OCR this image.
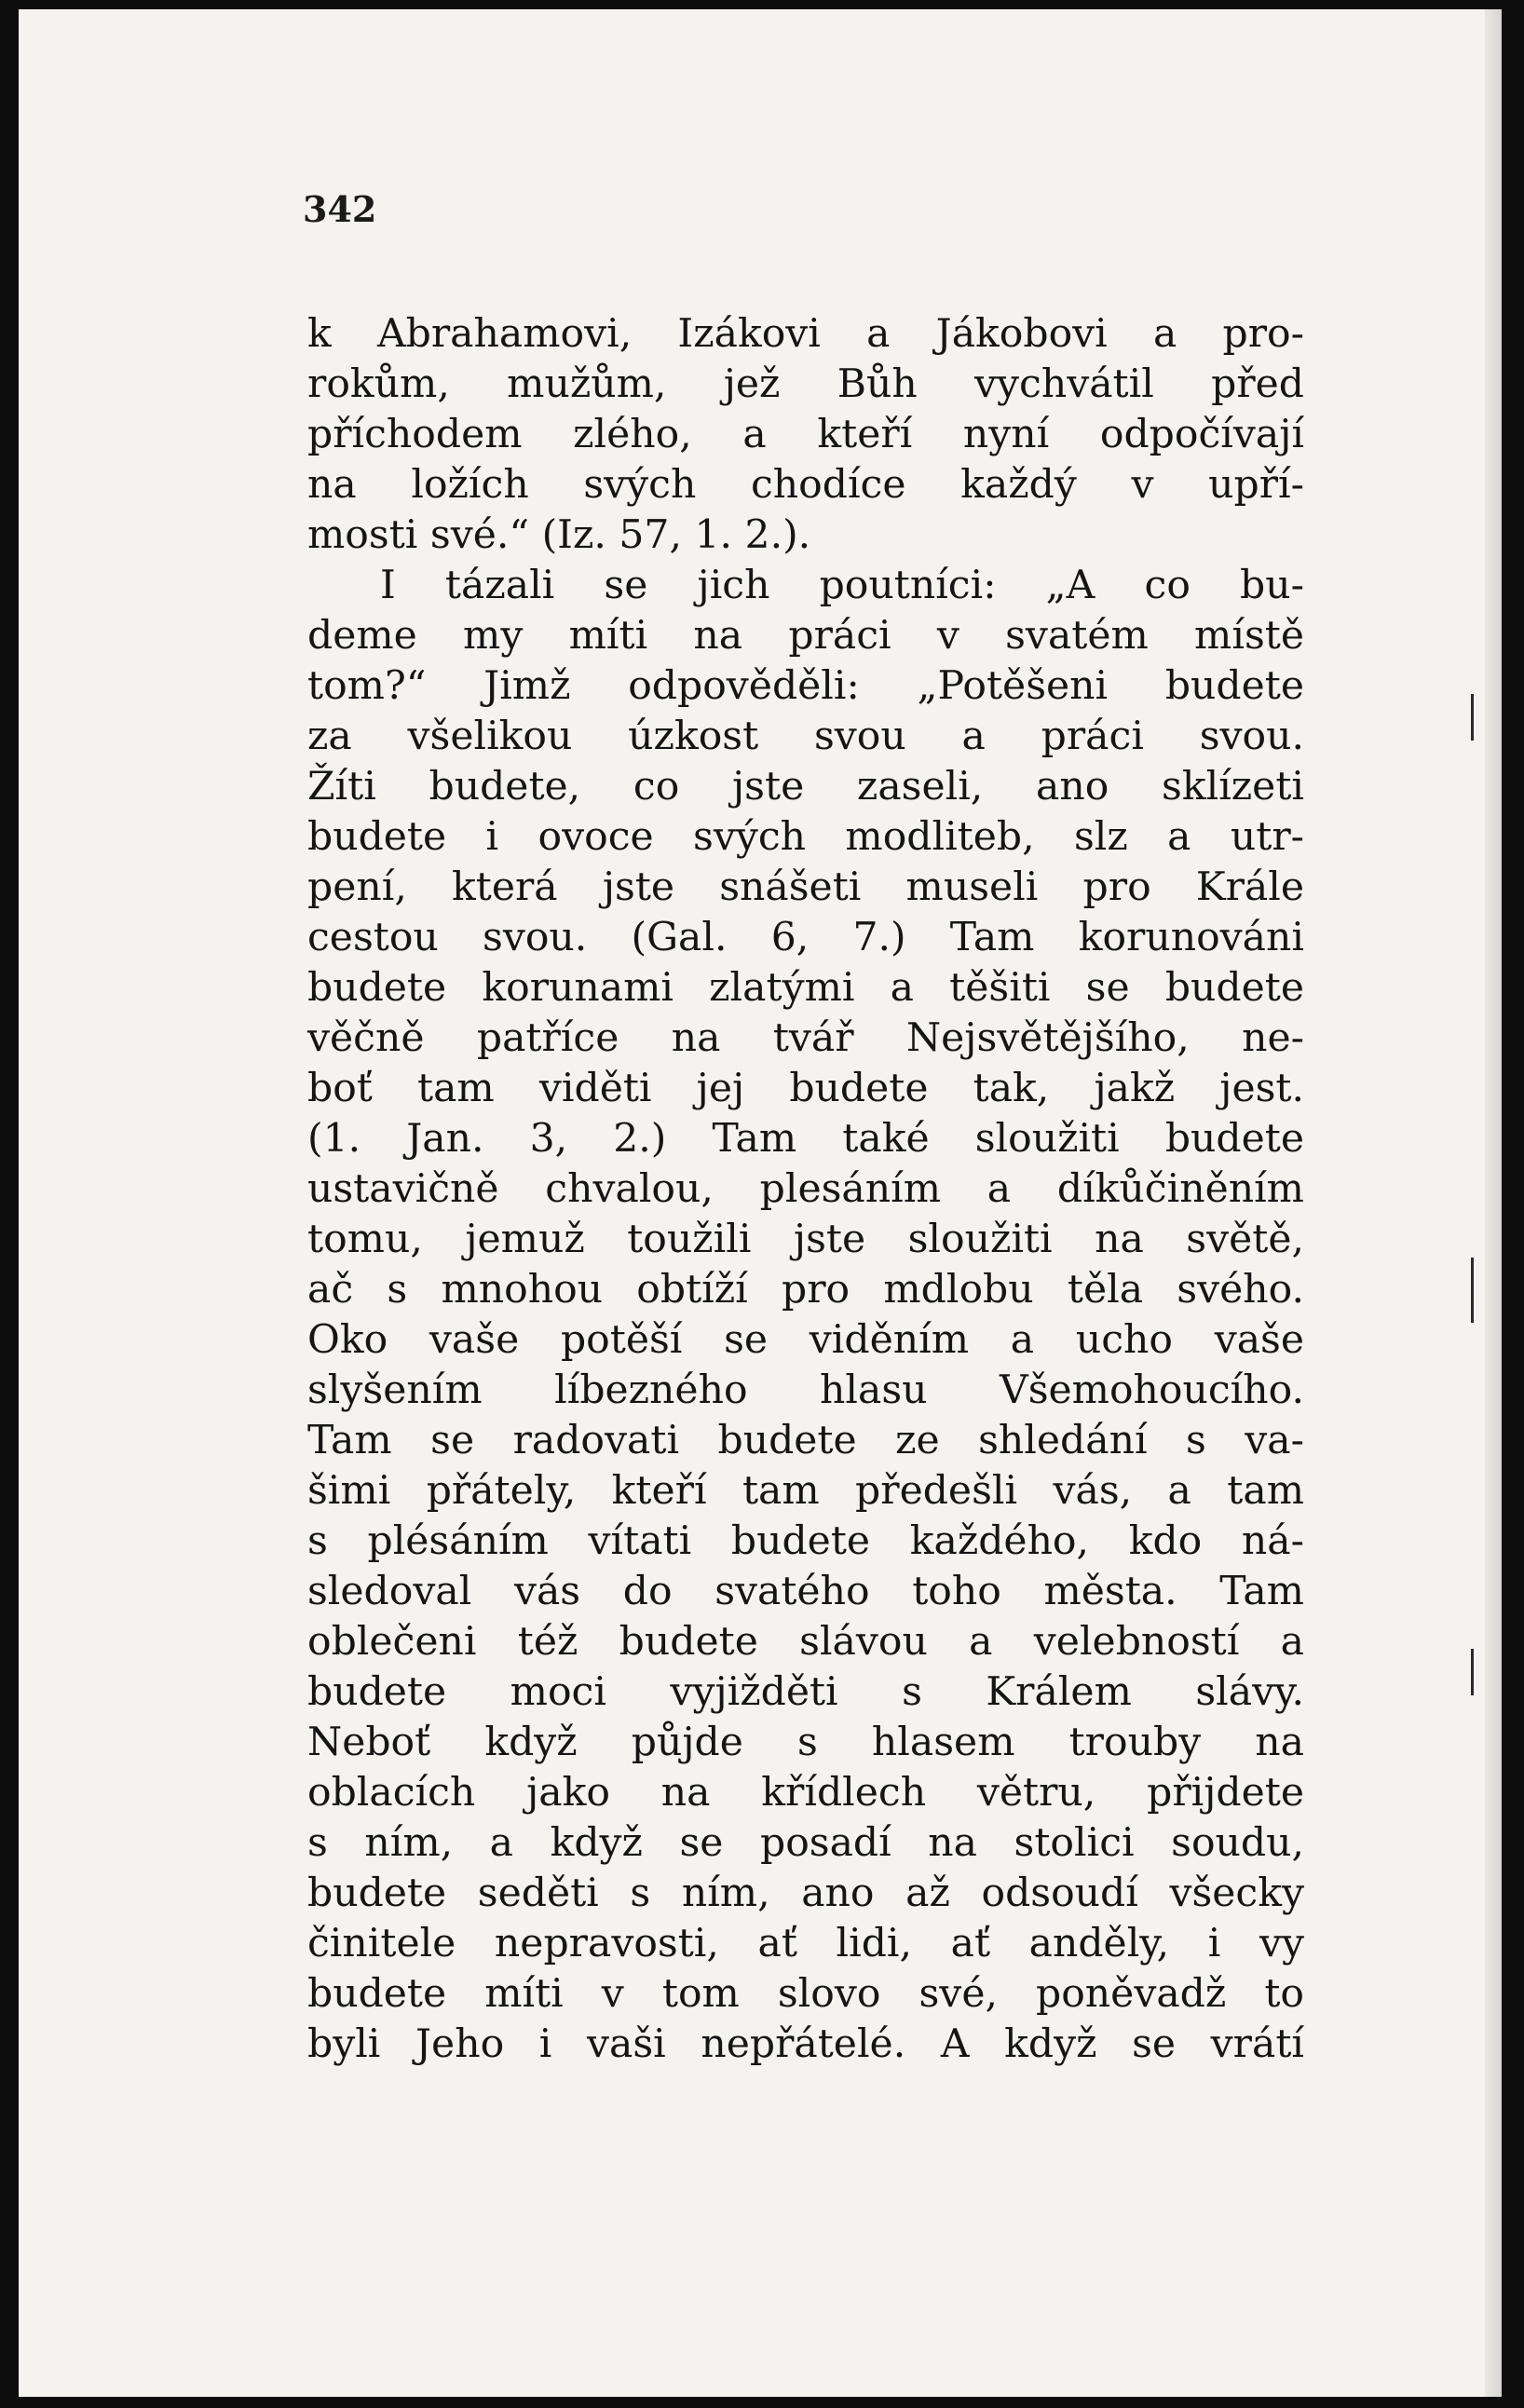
342
k Abrahamovi, Izákovi a Jákobovi a pro-
rokům, mužům, jež Bůh vychvátil před
příchodem zlého, a kteří nyní odpočívají
na ložích svých chodíce každý v upří-
mosti své.“ (Iz. 57, 1. 2.).
I tázali se jich poutníci: „A co bu-
deme my míti na práci v svatém místě
tom?“ Jimž odpověděli: „Potěšeni budete
za všelikou úzkost svou a práci svou.
Žíti budete, co jste zaseli, ano sklízeti
budete i ovoce svých modliteb, slz a utr-
pení, která jste snášeti museli pro Krále
cestou svou. (Gal. 6, 7.) Tam korunováni
budete korunami zlatými a těšiti se budete
věčně patříce na tvář Nejsvětějšího, ne-
boť tam viděti jej budete tak, jakž jest.
(1. Jan. 3, 2.) Tam také sloužiti budete
ustavičně chvalou, plesáním a díkůčiněním
tomu, jemuž toužili jste sloužiti na světě,
ač s mnohou obtíží pro mdlobu těla svého.
Oko vaše potěší se viděním a ucho vaše
slyšením líbezného hlasu Všemohoucího.
Tam se radovati budete ze shledání s va-
šimi přátely, kteří tam předešli vás, a tam
s plésáním vítati budete každého, kdo ná-
sledoval vás do svatého toho města. Tam
oblečeni též budete slávou a velebností a
budete moci vyjižděti s Králem slávy.
Neboť když půjde s hlasem trouby na
oblacích jako na křídlech větru, přijdete
s ním, a když se posadí na stolici soudu,
budete seděti s ním, ano až odsoudí všecky
činitele nepravosti, ať lidi, ať anděly, i vy
budete míti v tom slovo své, poněvadž to
byli Jeho i vaši nepřátelé. A když se vrátí
